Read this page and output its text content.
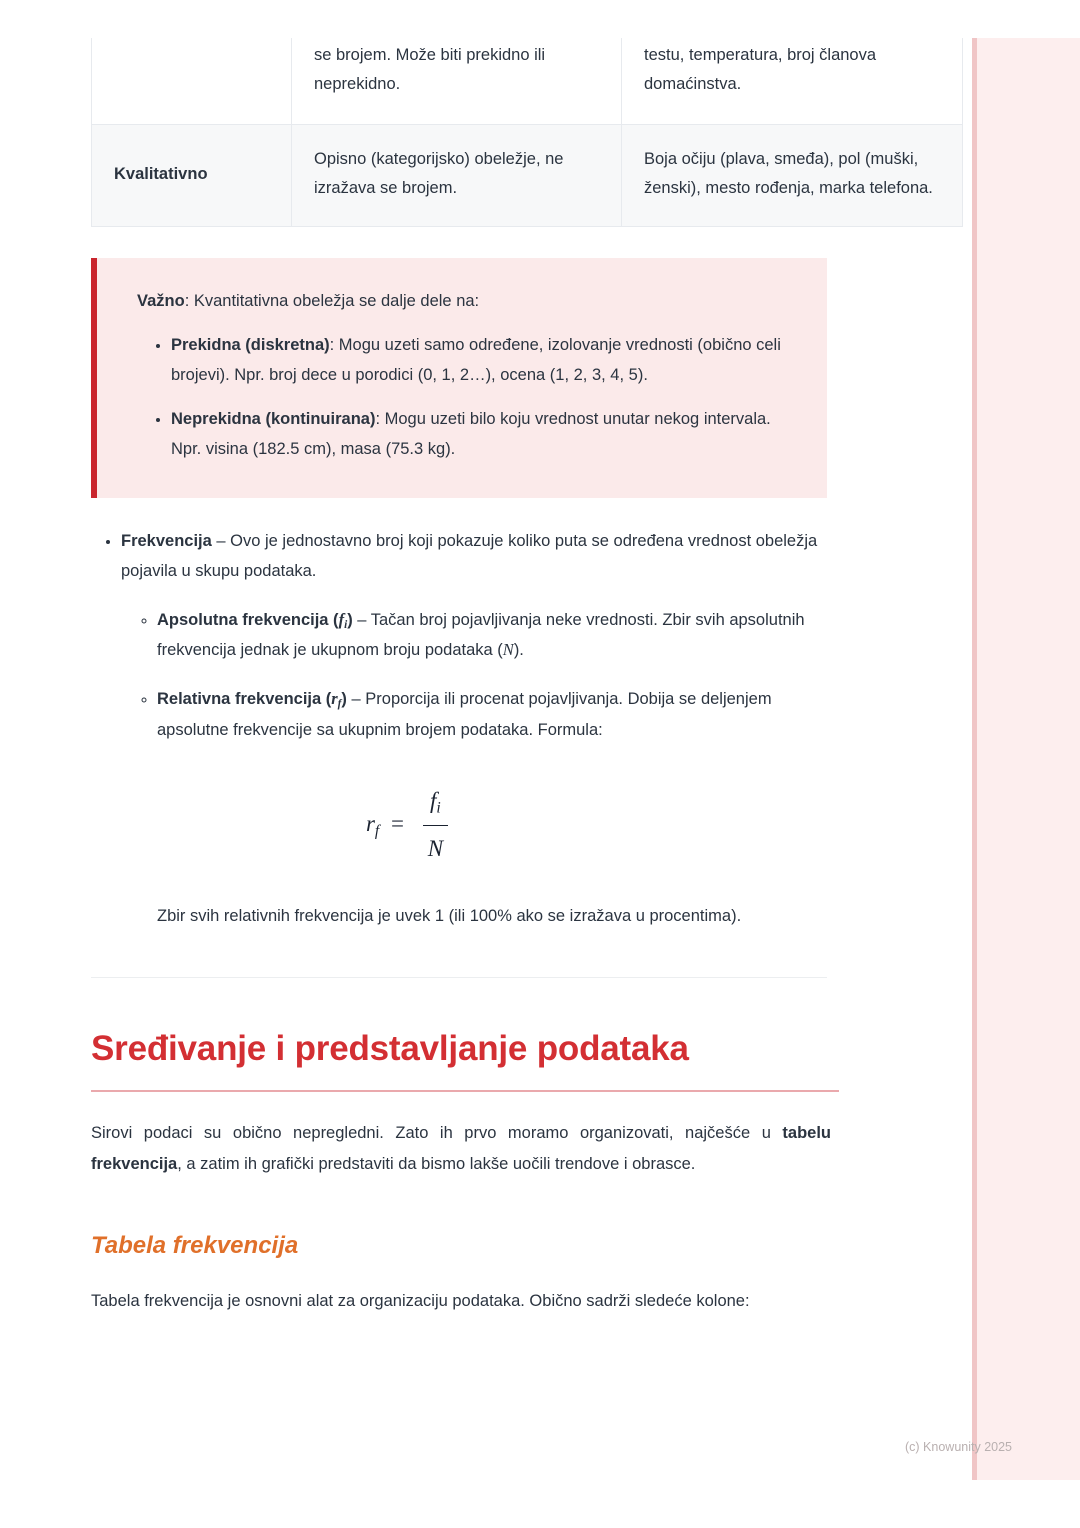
	se brojem. Može biti prekidno ili neprekidno.	testu, temperatura, broj članova domaćinstva.
Kvalitativno	Opisno (kategorijsko) obeležje, ne izražava se brojem.	Boja očiju (plava, smeđa), pol (muški, ženski), mesto rođenja, marka telefona.

Važno: Kvantitativna obeležja se dalje dele na:

• Prekidna (diskretna): Mogu uzeti samo određene, izolovanje vrednosti (obično celi brojevi). Npr. broj dece u porodici (0, 1, 2…), ocena (1, 2, 3, 4, 5).
• Neprekidna (kontinuirana): Mogu uzeti bilo koju vrednost unutar nekog intervala. Npr. visina (182.5 cm), masa (75.3 kg).
• Frekvencija – Ovo je jednostavno broj koji pokazuje koliko puta se određena vrednost obeležja pojavila u skupu podataka.
◦ Apsolutna frekvencija $(f_i)$ – Tačan broj pojavljivanja neke vrednosti. Zbir svih apsolutnih frekvencija jednak je ukupnom broju podataka (N).
◦ Relativna frekvencija $(r_f)$ – Proporcija ili procenat pojavljivanja. Dobija se deljenjem apsolutne frekvencije sa ukupnim brojem podataka. Formula:
$r_f = \frac{f_i}{N}$

Zbir svih relativnih frekvencija je uvek 1 (ili 100% ako se izražava u procentima).

Sređivanje i predstavljanje podataka

Sirovi podaci su obično nepregledni. Zato ih prvo moramo organizovati, najčešće u tabelu frekvencija, a zatim ih grafički predstaviti da bismo lakše uočili trendove i obrasce.

Tabela frekvencija

Tabela frekvencija je osnovni alat za organizaciju podataka. Obično sadrži sledeće kolone:

(c) Knowunity 2025
